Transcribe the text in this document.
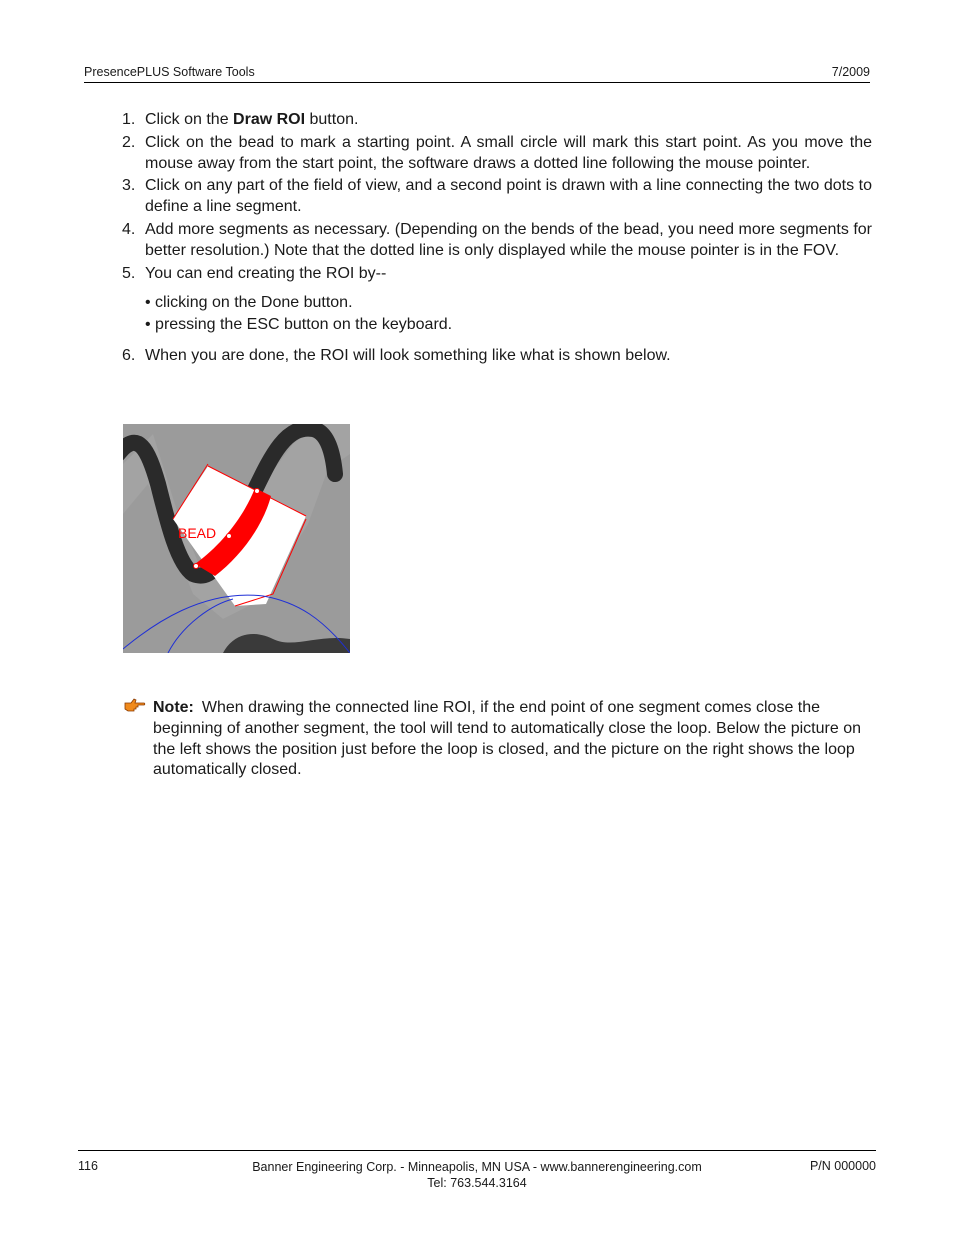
PresencePLUS Software Tools	7/2009
1. Click on the Draw ROI button.
2. Click on the bead to mark a starting point. A small circle will mark this start point. As you move the mouse away from the start point, the software draws a dotted line following the mouse pointer.
3. Click on any part of the field of view, and a second point is drawn with a line connecting the two dots to define a line segment.
4. Add more segments as necessary. (Depending on the bends of the bead, you need more segments for better resolution.) Note that the dotted line is only displayed while the mouse pointer is in the FOV.
5. You can end creating the ROI by--
• clicking on the Done button.
• pressing the ESC button on the keyboard.
6. When you are done, the ROI will look something like what is shown below.
BEAD
Note: When drawing the connected line ROI, if the end point of one segment comes close the beginning of another segment, the tool will tend to automatically close the loop. Below the picture on the left shows the position just before the loop is closed, and the picture on the right shows the loop automatically closed.
116	Banner Engineering Corp. - Minneapolis, MN USA - www.bannerengineering.com
Tel: 763.544.3164
P/N 000000
